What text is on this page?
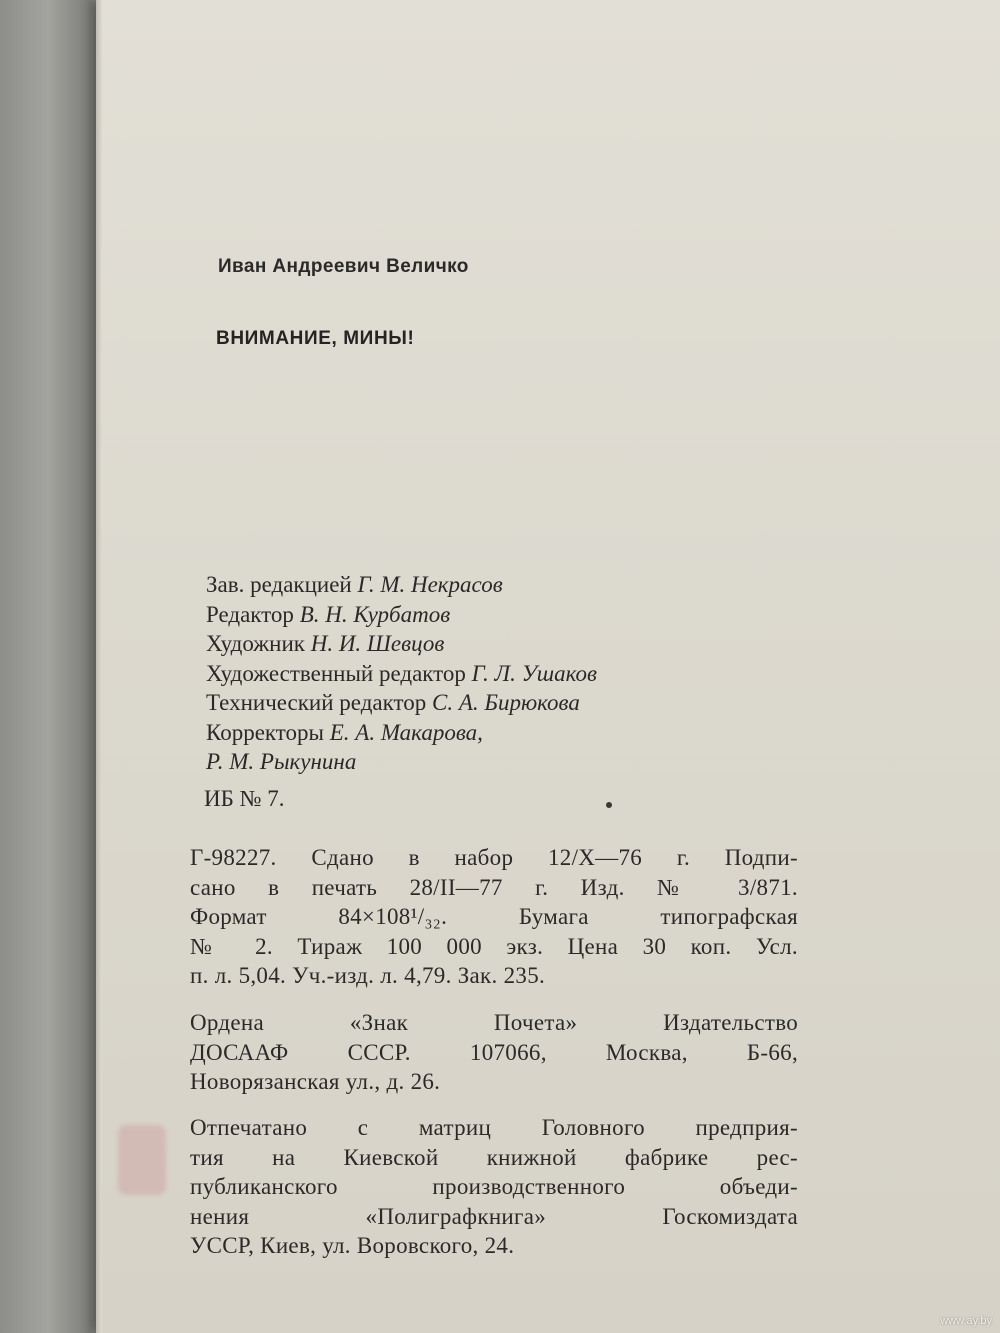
Иван Андреевич Величко
ВНИМАНИЕ, МИНЫ!
Зав. редакцией Г. М. Некрасов
Редактор В. Н. Курбатов
Художник Н. И. Шевцов
Художественный редактор Г. Л. Ушаков
Технический редактор С. А. Бирюкова
Корректоры Е. А. Макарова,
Р. М. Рыкунина
ИБ № 7.
Г-98227. Сдано в набор 12/X—76 г. Подпи-
сано в печать 28/II—77 г. Изд. № 3/871.
Формат 84×108¹/₃₂. Бумага типографская
№ 2. Тираж 100 000 экз. Цена 30 коп. Усл.
п. л. 5,04. Уч.-изд. л. 4,79. Зак. 235.
Ордена «Знак Почета» Издательство
ДОСААФ СССР. 107066, Москва, Б-66,
Новорязанская ул., д. 26.
Отпечатано с матриц Головного предприя-
тия на Киевской книжной фабрике рес-
публиканского производственного объеди-
нения «Полиграфкнига» Госкомиздата
УССР, Киев, ул. Воровского, 24.
www.ay.by
